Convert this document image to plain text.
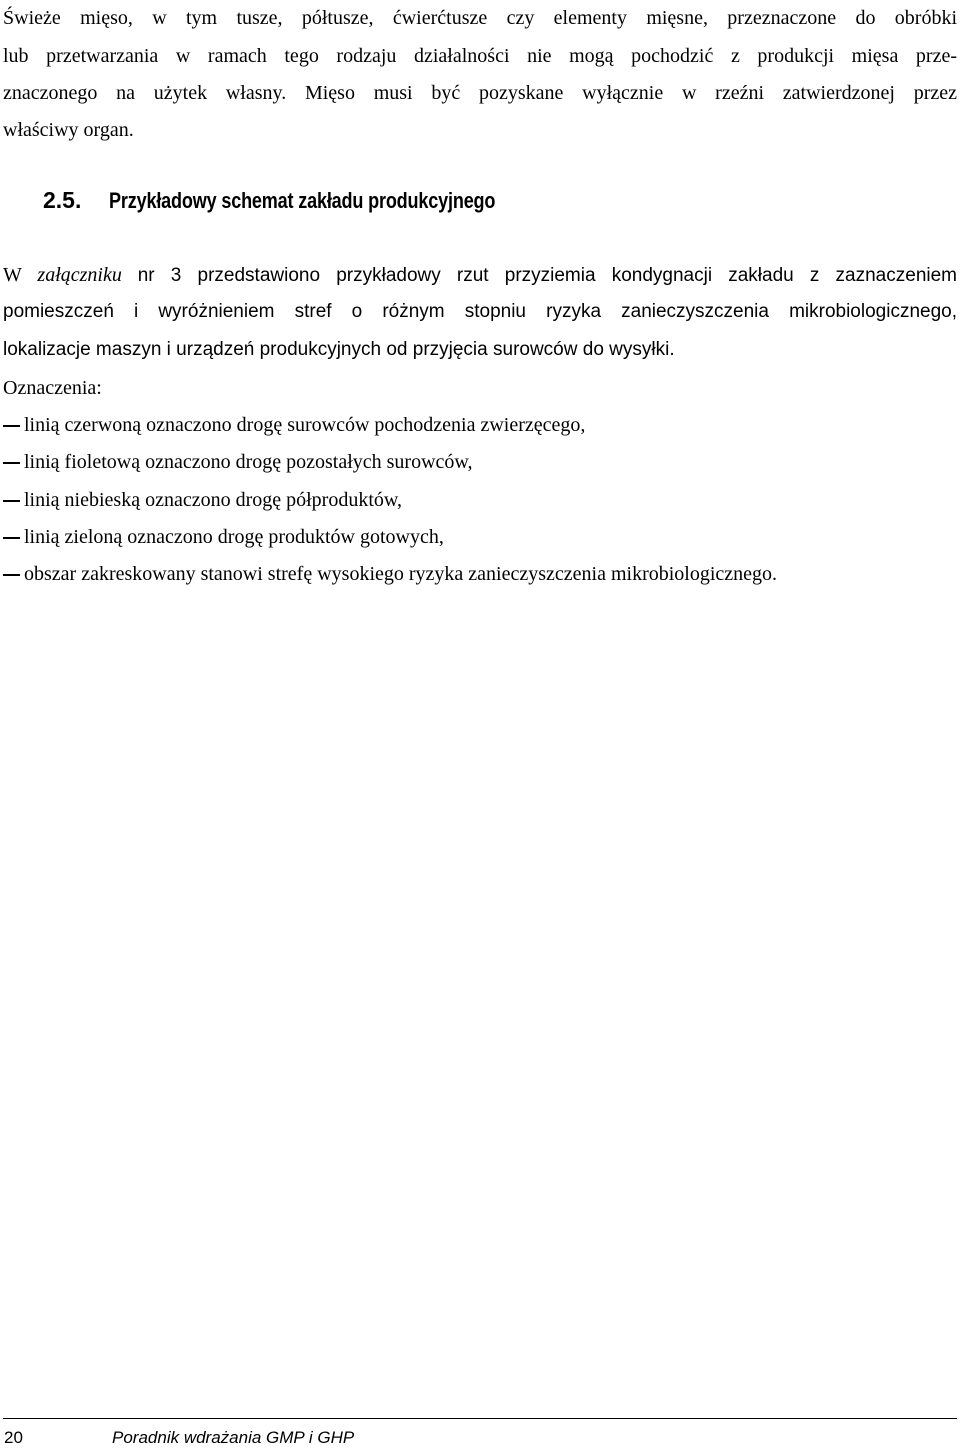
Świeże mięso, w tym tusze, półtusze, ćwierćtusze czy elementy mięsne, przeznaczone do obróbki
lub przetwarzania w ramach tego rodzaju działalności nie mogą pochodzić z produkcji mięsa prze-
znaczonego na użytek własny. Mięso musi być pozyskane wyłącznie w rzeźni zatwierdzonej przez
właściwy organ.
2.5. Przykładowy schemat zakładu produkcyjnego
W załączniku nr 3 przedstawiono przykładowy rzut przyziemia kondygnacji zakładu z zaznaczeniem
pomieszczeń i wyróżnieniem stref o różnym stopniu ryzyka zanieczyszczenia mikrobiologicznego,
lokalizacje maszyn i urządzeń produkcyjnych od przyjęcia surowców do wysyłki.
Oznaczenia:
linią czerwoną oznaczono drogę surowców pochodzenia zwierzęcego,
linią fioletową oznaczono drogę pozostałych surowców,
linią niebieską oznaczono drogę półproduktów,
linią zieloną oznaczono drogę produktów gotowych,
obszar zakreskowany stanowi strefę wysokiego ryzyka zanieczyszczenia mikrobiologicznego.
20	Poradnik wdrażania GMP i GHP
